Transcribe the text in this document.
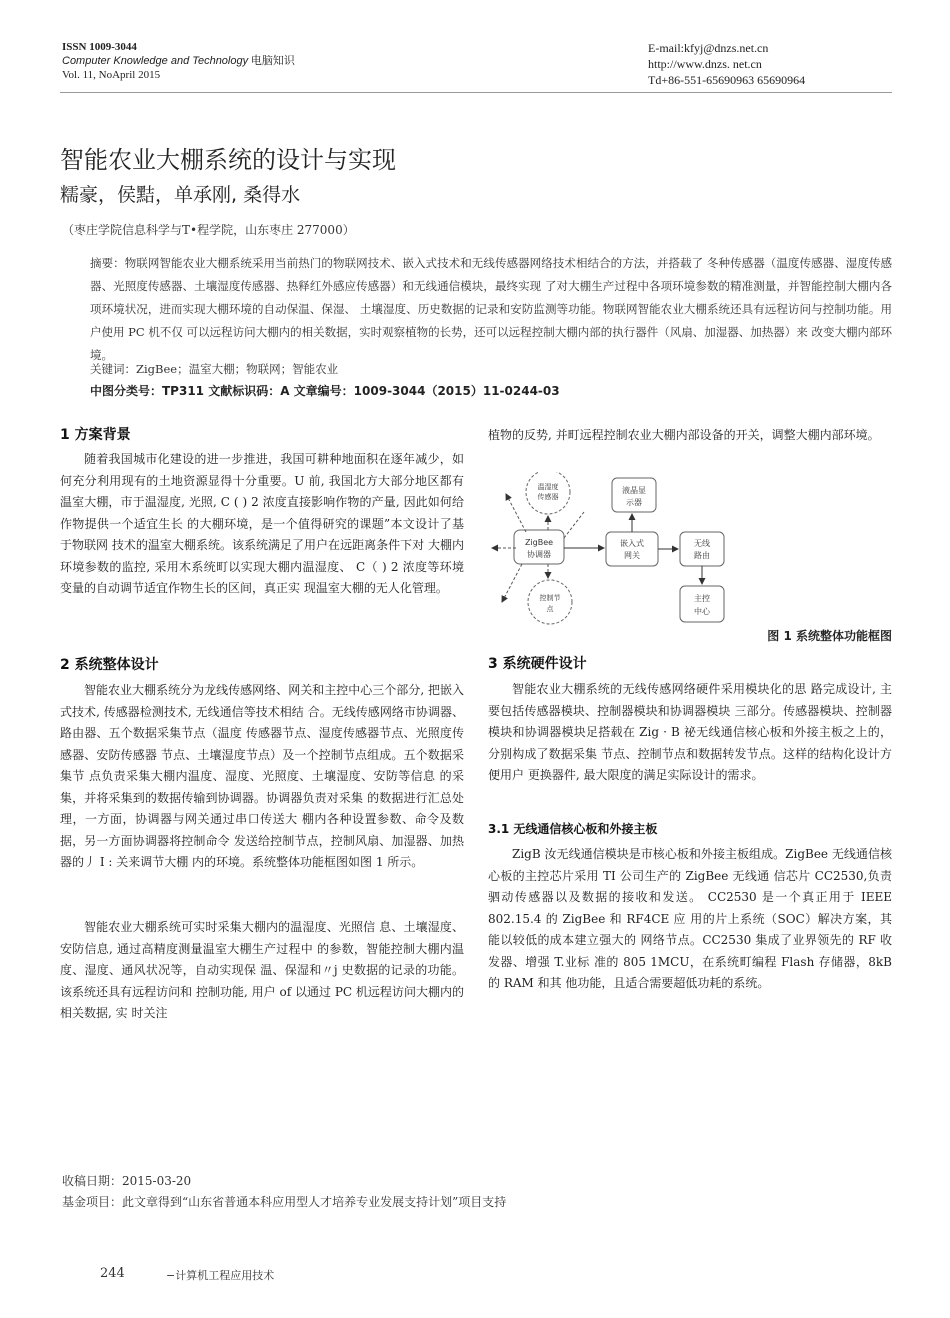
ISSN 1009-3044
Computer Knowledge and Technology 电脑知识
Vol. 11, NoApril 2015
E-mail:kfyj@dnzs.net.cn
http://www.dnzs. net.cn
Td+86-551-65690963 65690964
智能农业大棚系统的设计与实现
糯豪，侯黠，单承刚, 桑得水
（枣庄学院信息科学与T•程学院，山东枣庄 277000）
摘要：物联网智能农业大棚系统采用当前热门的物联网技术、嵌入式技术和无线传感器网络技术相结合的方法，并搭载了 冬种传感器（温度传感器、湿度传感器、光照度传感器、土壤湿度传感器、热释红外感应传感器）和无线通信模块，最终实现 了对大棚生产过程中各项环境参数的精准测量，并智能控制大棚内各项环境状况，进而实现大棚环境的自动保温、保湿、 土壤湿度、历史数据的记录和安防监测等功能。物联网智能农业大棚系统还具有远程访问与控制功能。用户使用 PC 机不仅 可以远程访问大棚内的相关数据，实时观察植物的长势，还可以远程控制大棚内部的执行器件（风扇、加湿器、加热器）来 改变大棚内部环境。
关键词：ZigBee；温室大棚；物联网；智能农业
中图分类号：TP311 文献标识码：A 文章编号：1009-3044（2015）11-0244-03
1 方案背景
随着我国城市化建设的进一步推进，我国可耕种地面积在逐年减少，如何充分利用现有的土地资源显得十分重要。U 前, 我国北方大部分地区都有温室大棚，市于温湿度, 光照, C ( ) 2 浓度直接影响作物的产量, 因此如何给作物提供一个适宜生长 的大棚环境，是一个值得研究的课题”本文设计了基于物联网 技术的温室大棚系统。该系统满足了用户在远距离条件下对 大棚内环境参数的监控, 采用木系统町以实现大棚内温湿度、 C（ ) 2 浓度等环境变量的自动调节适宜作物生长的区间，真正实 现温室大棚的无人化管理。
2 系统整体设计
智能农业大棚系统分为龙线传感网络、网关和主控中心三个部分, 把嵌入式技术, 传感器检测技术, 无线通信等技术相结 合。无线传感网络市协调器、路由器、五个数据采集节点（温度 传感器节点、湿度传感器节点、光照度传感器、安防传感器 节点、土壤湿度节点）及一个控制节点组成。五个数据采集节 点负责采集大棚内温度、湿度、光照度、土壤湿度、安防等信息 的采集，并将采集到的数据传输到协调器。协调器负责对采集 的数据进行汇总处理，一方面，协调器与网关通过串口传送大 棚内各种设置参数、命令及数据，另一方面协调器将控制命令 发送给控制节点，控制风扇、加湿器、加热器的丿 I : 关来调节大棚 内的环境。系统整体功能框图如图 1 所示。
智能农业大棚系统可实时采集大棚内的温湿度、光照信 息、土壤湿度、安防信息, 通过高精度测量温室大棚生产过程中 的参数，智能控制大棚内温度、湿度、通风状况等，自动实现保 温、保湿和〃j 史数据的记录的功能。该系统还具有远程访问和 控制功能, 用户 of 以通过 PC 机远程访问大棚内的相关数据, 实 时关注
植物的反势, 并町远程控制农业大棚内部设备的开关，调整大棚内部环境。
温湿度
传感器
ZigBee
协调器
控制节
点
液晶显
示器
嵌入式
网关
无线
路由
主控
中心
图 1 系统整体功能框图
3 系统硬件设计
智能农业大棚系统的无线传感网络硬件采用模块化的思 路完成设计, 主要包括传感器模块、控制器模块和协调器模块 三部分。传感器模块、控制器模块和协调器模块足搭载在 Zig · B 祕无线通信核心板和外接主板之上的，分别构成了数据采集 节点、控制节点和数据转发节点。这样的结构化设计方便用户 更换器件, 最大限度的满足实际设计的需求。
3.1 无线通信核心板和外接主板
ZigB 汝无线通信模块是市核心板和外接主板组成。ZigBee 无线通信核心板的主控芯片采用 TI 公司生产的 ZigBee 无线通 信芯片 CC2530,负责驷动传感器以及数据的接收和发送。 CC2530 是一个真正用于 IEEE 802.15.4 的 ZigBee 和 RF4CE 应 用的片上系统（SOC）解决方案，其能以较低的成本建立强大的 网络节点。CC2530 集成了业界领先的 RF 收发器、增强 T.业标 准的 805 1MCU，在系统町编程 Flash 存储器，8kB 的 RAM 和其 他功能，且适合需要超低功耗的系统。
收稿日期：2015-03-20
基金项目：此文章得到“山东省普通本科应用型人才培养专业发展支持计划”项目支持
244	−计算机工程应用技术
